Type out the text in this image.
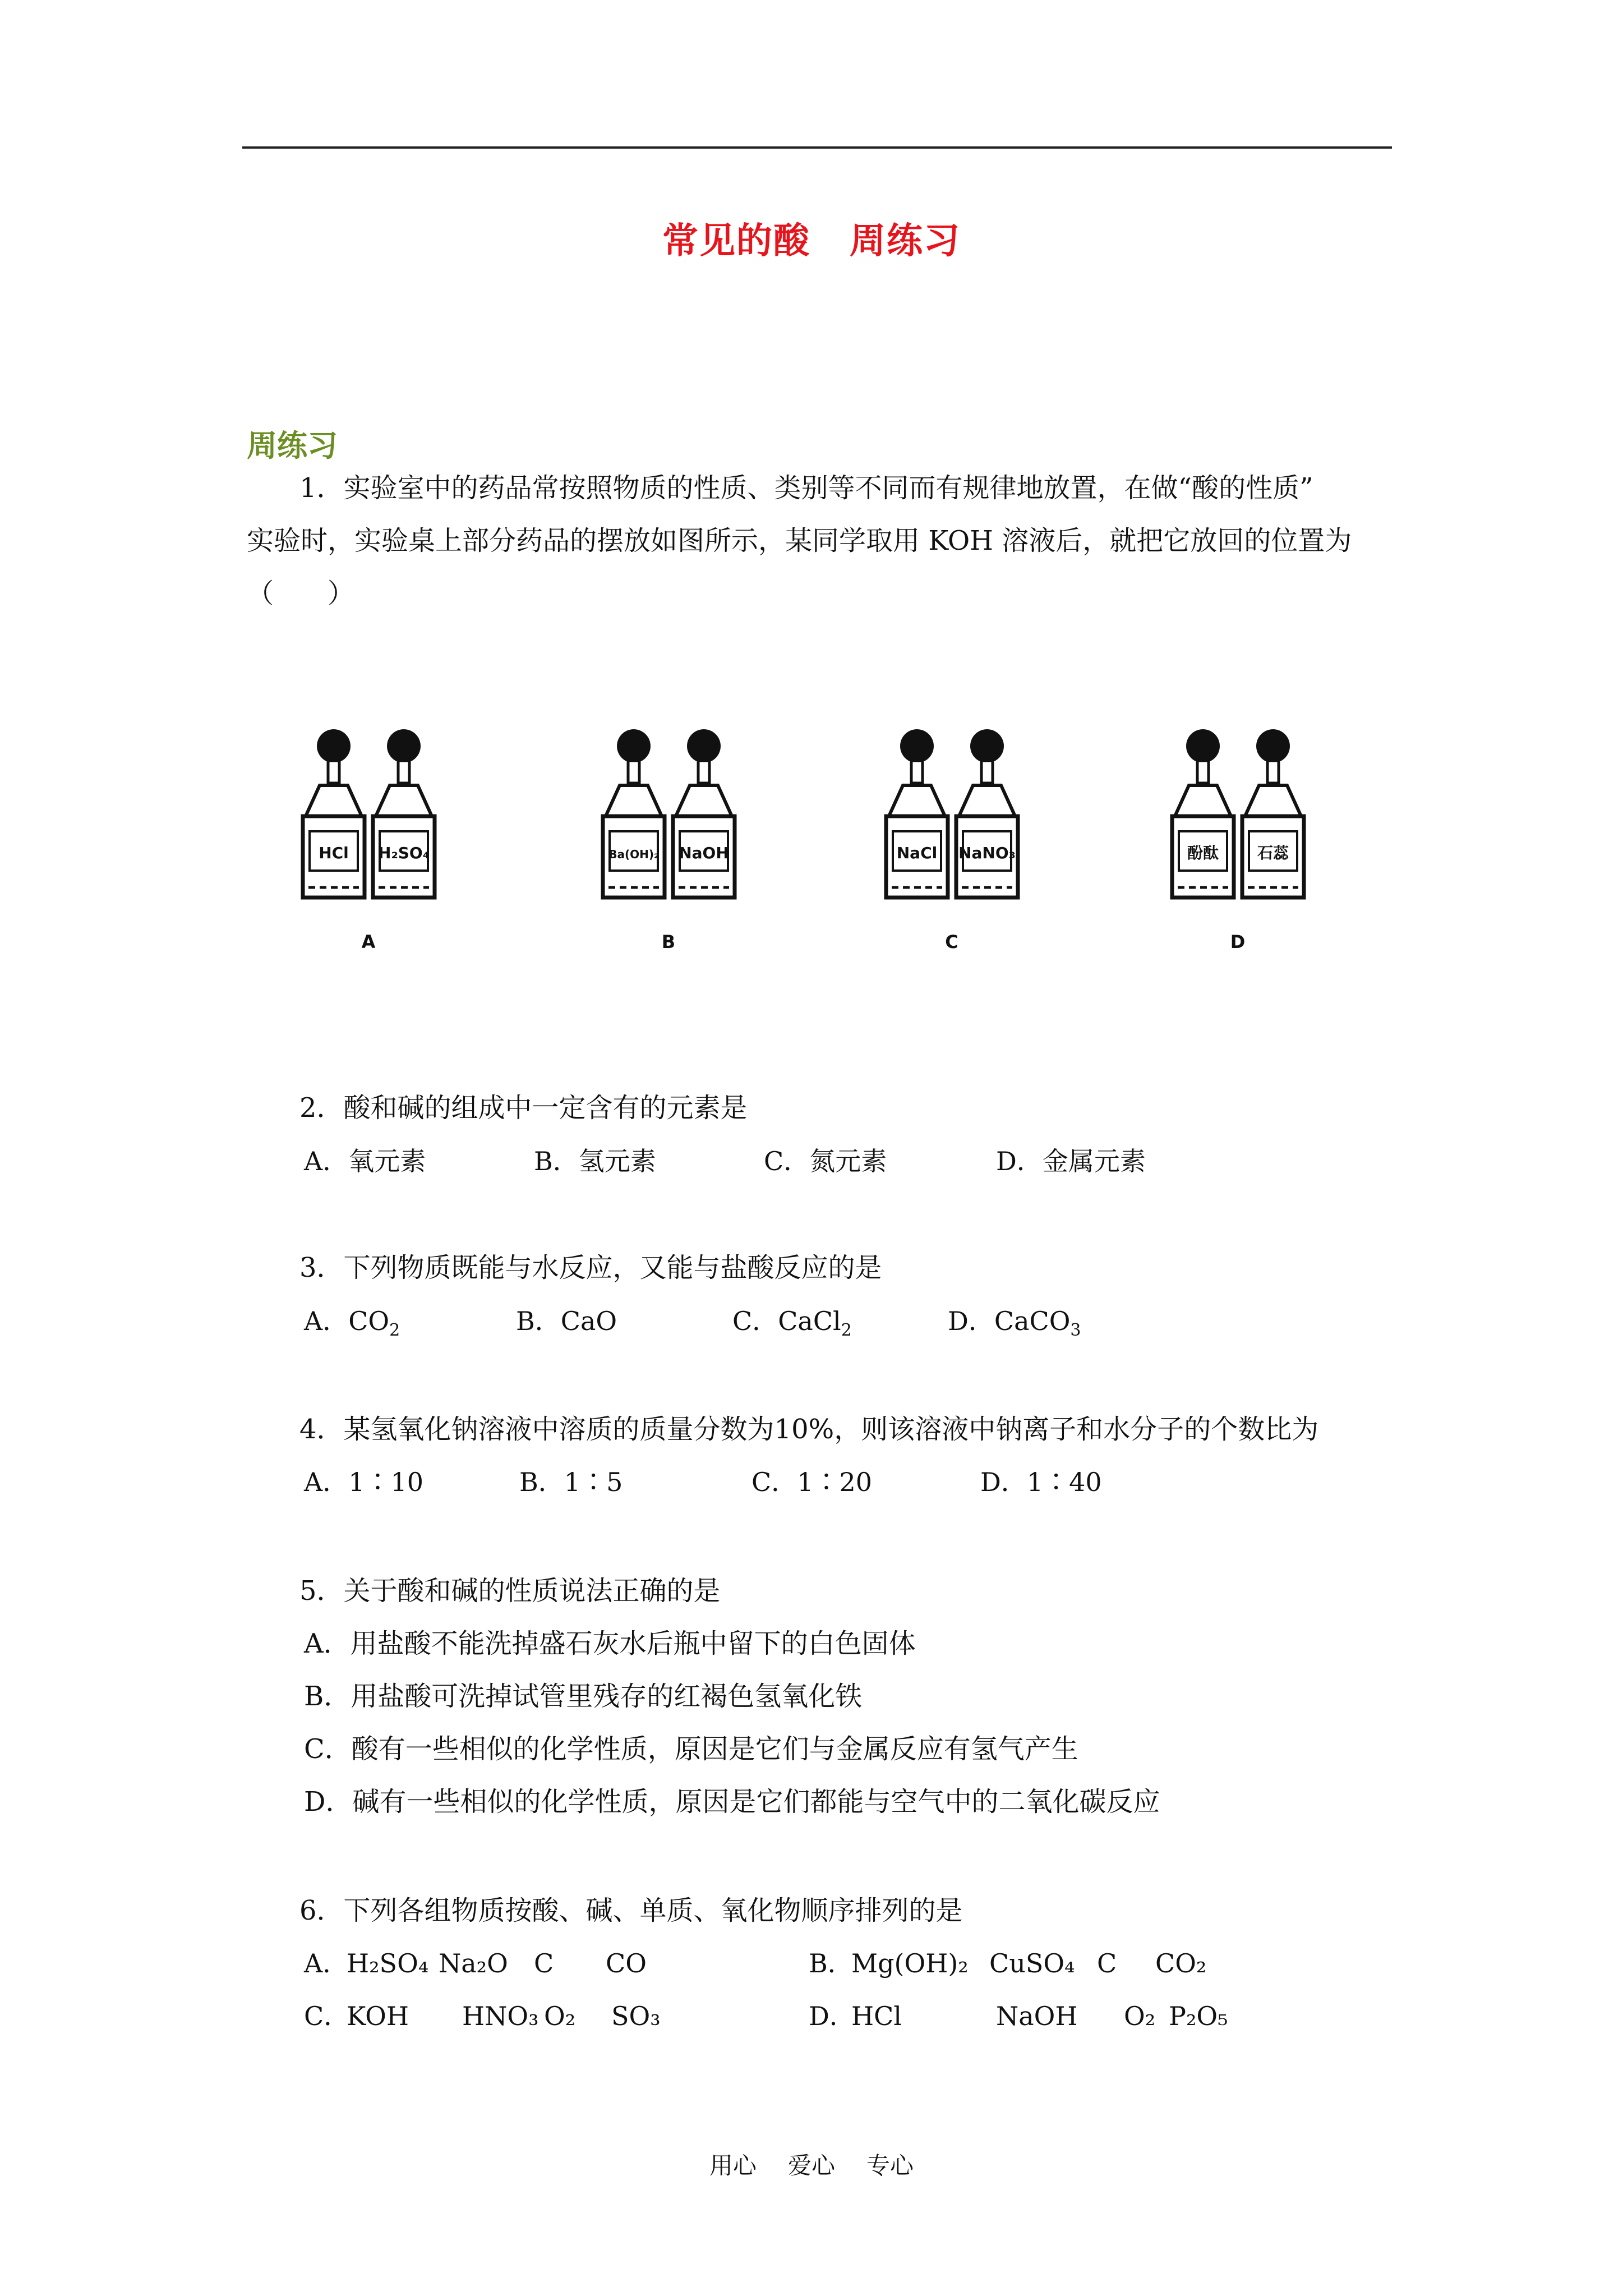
常见的酸 周练习
周练习
1．实验室中的药品常按照物质的性质、类别等不同而有规律地放置，在做“酸的性质”
实验时，实验桌上部分药品的摆放如图所示，某同学取用 KOH 溶液后，就把它放回的位置为
（　　）
A
HCl H₂SO₄
B
Ba(OH)₂ NaOH
C
NaCl NaNO₃
D
酚酞 石蕊
2．酸和碱的组成中一定含有的元素是
A．氧元素	B．氢元素	C．氮元素	D．金属元素
3．下列物质既能与水反应，又能与盐酸反应的是
A．$CO_2$	B．CaO	C．CaCl$_2$	D．CaCO$_3$
4．某氢氧化钠溶液中溶质的质量分数为10%，则该溶液中钠离子和水分子的个数比为
A．1∶10	B．1∶5	C．1∶20	D．1∶40
5．关于酸和碱的性质说法正确的是
A．用盐酸不能洗掉盛石灰水后瓶中留下的白色固体
B．用盐酸可洗掉试管里残存的红褐色氢氧化铁
C．酸有一些相似的化学性质，原因是它们与金属反应有氢气产生
D．碱有一些相似的化学性质，原因是它们都能与空气中的二氧化碳反应
6．下列各组物质按酸、碱、单质、氧化物顺序排列的是
A．
H₂SO₄ Na₂O C CO	B．
Mg(OH)₂ CuSO₄ C CO₂
C．
KOH HNO₃ O₂ SO₃	D．
HCl	NaOH O₂ P₂O₅
用心 爱心 专心
